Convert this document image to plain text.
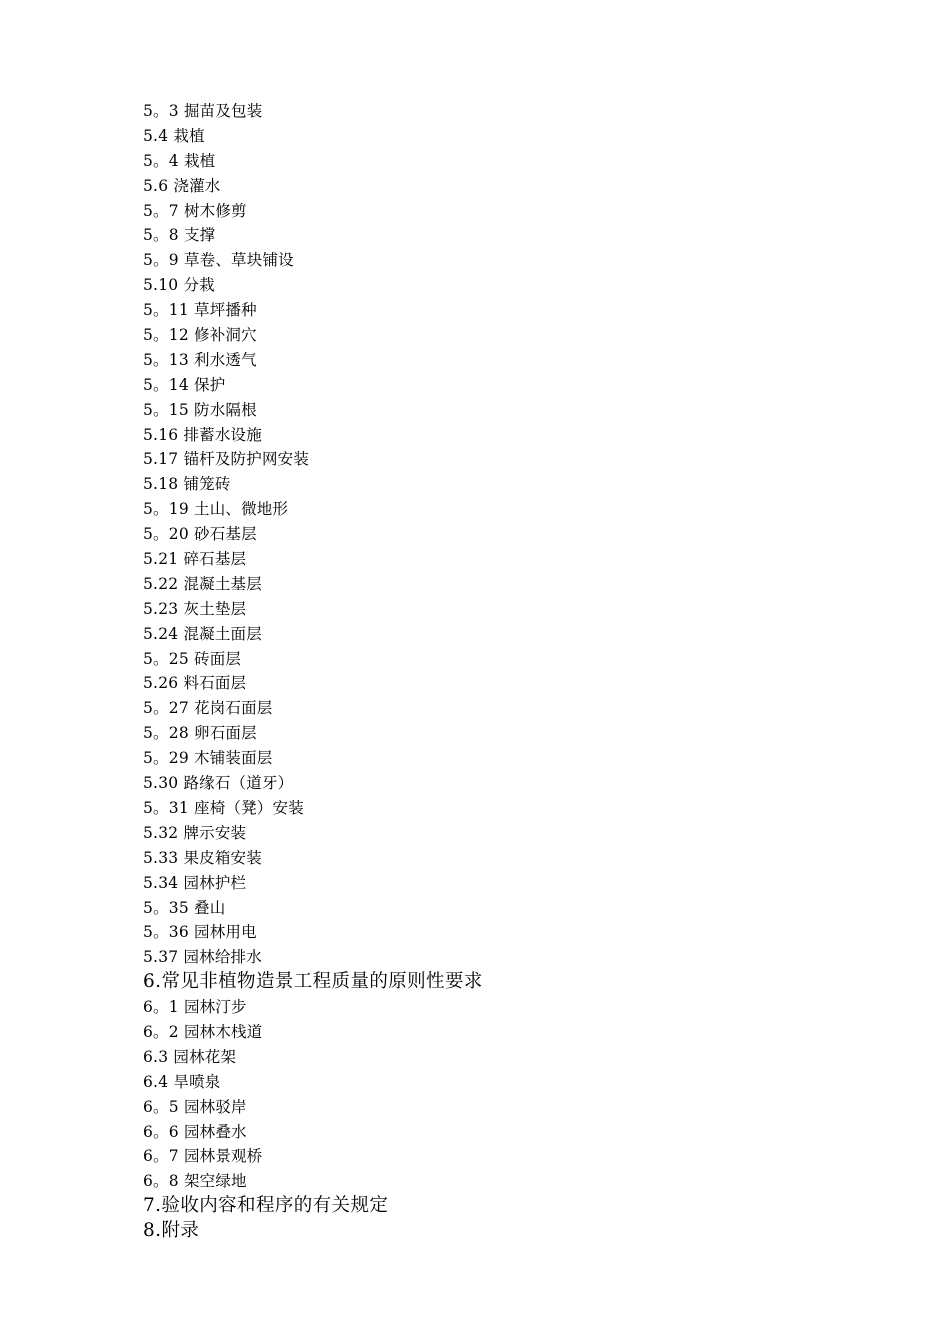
5。3 掘苗及包装
5.4 栽植
5。4 栽植
5.6 浇灌水
5。7 树木修剪
5。8 支撑
5。9 草卷、草块铺设
5.10 分栽
5。11 草坪播种
5。12 修补洞穴
5。13 利水透气
5。14 保护
5。15 防水隔根
5.16 排蓄水设施
5.17 锚杆及防护网安装
5.18 铺笼砖
5。19 土山、微地形
5。20 砂石基层
5.21 碎石基层
5.22 混凝土基层
5.23 灰土垫层
5.24 混凝土面层
5。25 砖面层
5.26 料石面层
5。27 花岗石面层
5。28 卵石面层
5。29 木铺装面层
5.30 路缘石（道牙）
5。31 座椅（凳）安装
5.32 牌示安装
5.33 果皮箱安装
5.34 园林护栏
5。35 叠山
5。36 园林用电
5.37 园林给排水
6.常见非植物造景工程质量的原则性要求
6。1 园林汀步
6。2 园林木栈道
6.3 园林花架
6.4 旱喷泉
6。5 园林驳岸
6。6 园林叠水
6。7 园林景观桥
6。8 架空绿地
7.验收内容和程序的有关规定
8.附录
